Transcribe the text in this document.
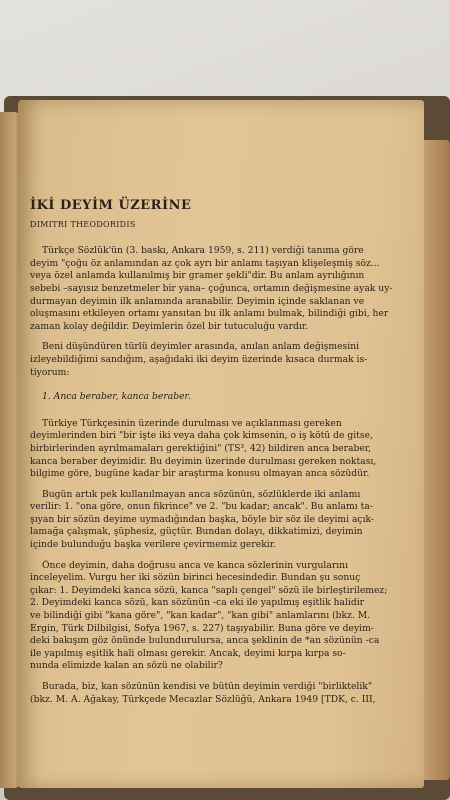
İKİ DEYİM ÜZERİNE
DIMITRI THEODORIDIS
Türkçe Sözlük'ün (3. baskı, Ankara 1959, s. 211) verdiği tanıma göre
deyim "çoğu öz anlamından az çok ayrı bir anlamı taşıyan klişeleşmiş söz...
veya özel anlamda kullanılmış bir gramer şekli"dir. Bu anlam ayrılığının
sebebi –sayısız benzetmeler bir yana– çoğunca, ortamın değişmesine ayak uy-
durmayan deyimin ilk anlamında aranabilir. Deyimin içinde saklanan ve
oluşmasını etkileyen ortamı yansıtan bu ilk anlamı bulmak, bilindiği gibi, her
zaman kolay değildir. Deyimlerin özel bir tutuculuğu vardır.
Beni düşündüren türlü deyimler arasında, anılan anlam değişmesini
izleyebildiğimi sandığım, aşağıdaki iki deyim üzerinde kısaca durmak is-
tiyorum:
1. Anca beraber, kanca beraber.
Türkiye Türkçesinin üzerinde durulması ve açıklanması gereken
deyimlerinden biri "bir işte iki veya daha çok kimsenin, o iş kötü de gitse,
birbirlerinden ayrılmamaları gerektiğini" (TS³, 42) bildiren anca beraber,
kanca beraber deyimidir. Bu deyimin üzerinde durulması gereken noktası,
bilgime göre, bugüne kadar bir araştırma konusu olmayan anca sözüdür.
Bugün artık pek kullanılmayan anca sözünün, sözlüklerde iki anlamı
verilir: 1. "ona göre, onun fikrince" ve 2. "bu kadar; ancak". Bu anlamı ta-
şıyan bir sözün deyime uymadığından başka, böyle bir söz ile deyimi açık-
lamağa çalışmak, şüphesiz, güçtür. Bundan dolayı, dikkatimizi, deyimin
içinde bulunduğu başka verilere çevirmemiz gerekir.
Önce deyimin, daha doğrusu anca ve kanca sözlerinin vurgularını
inceleyelim. Vurgu her iki sözün birinci hecesindedir. Bundan şu sonuç
çıkar: 1. Deyimdeki kanca sözü, kanca "saplı çengel" sözü ile birleştirilemez;
2. Deyimdeki kanca sözü, kan sözünün -ca eki ile yapılmış eşitlik halidir
ve bilindiği gibi "kana göre", "kan kadar", "kan gibi" anlamlarını (bkz. M.
Ergin, Türk Dilbilgisi, Sofya 1967, s. 227) taşıyabilir. Buna göre ve deyim-
deki bakışım göz önünde bulundurulursa, anca şeklinin de *an sözünün -ca
ile yapılmış eşitlik hali olması gerekir. Ancak, deyimi kırpa kırpa so-
nunda elimizde kalan an sözü ne olabilir?
Burada, biz, kan sözünün kendisi ve bütün deyimin verdiği "birliktelik"
(bkz. M. A. Ağakay, Türkçede Mecazlar Sözlüğü, Ankara 1949 [TDK, c. III,
